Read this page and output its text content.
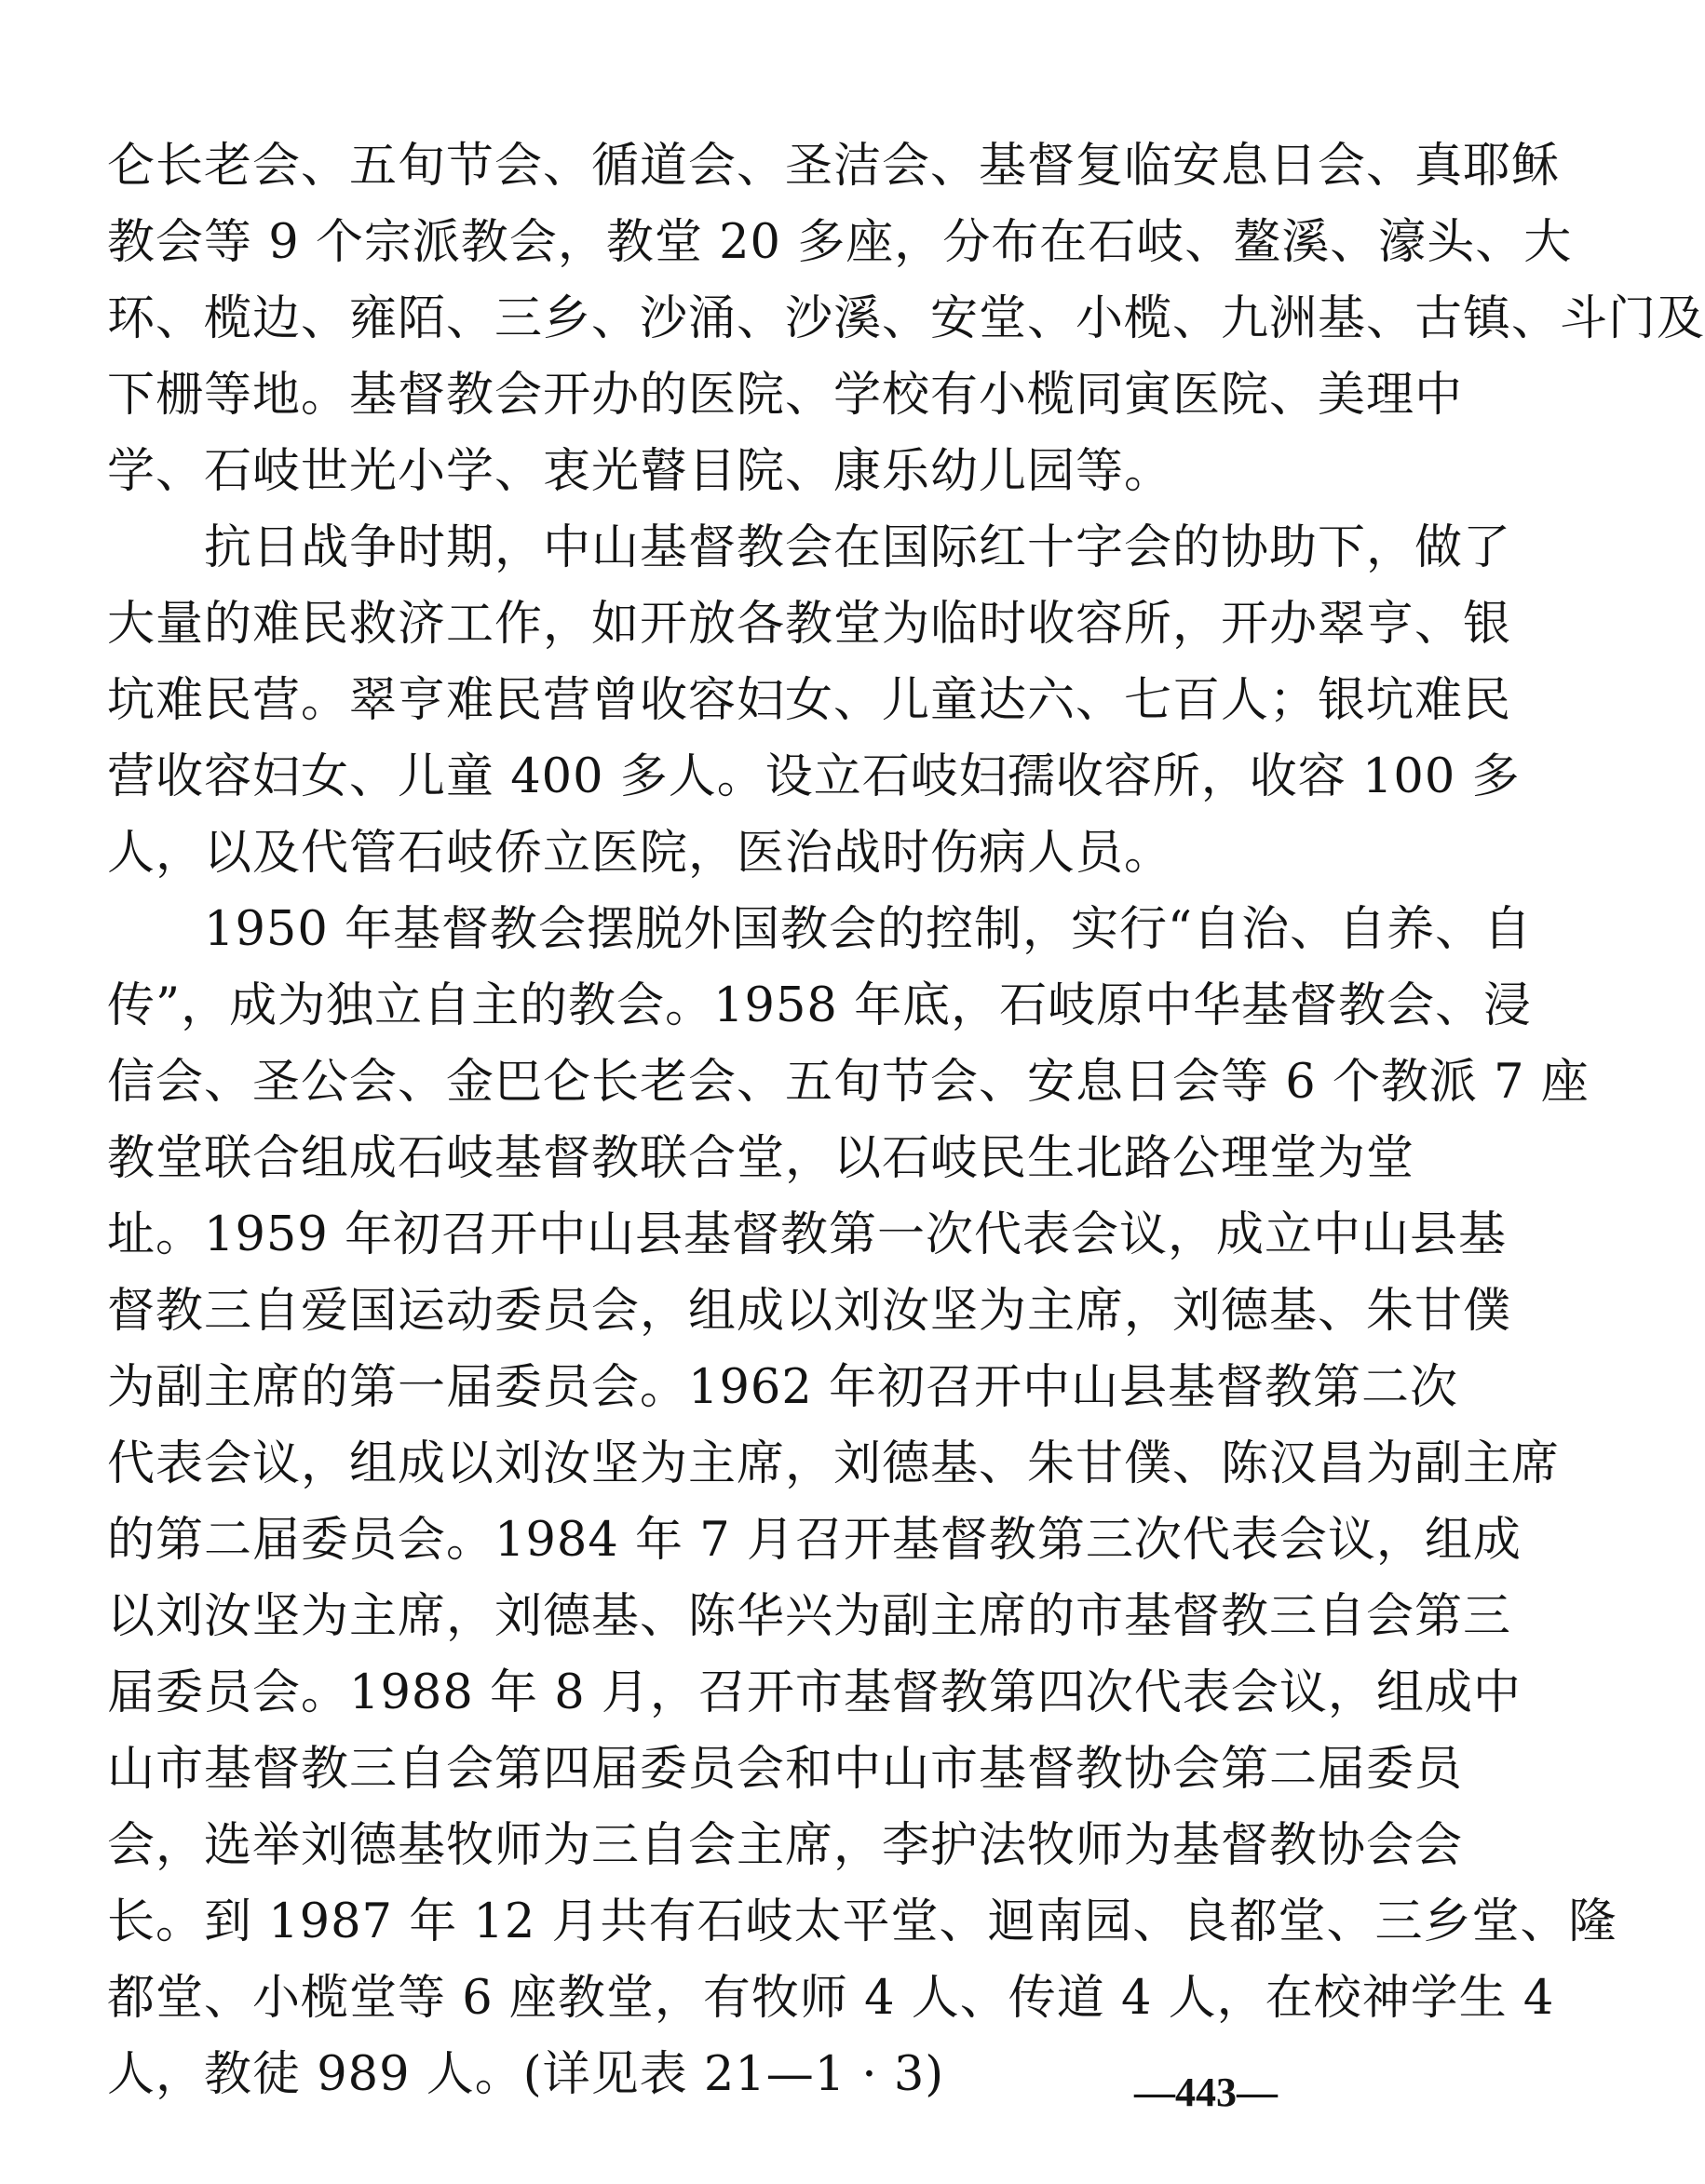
仑长老会、五旬节会、循道会、圣洁会、基督复临安息日会、真耶稣
教会等 9 个宗派教会，教堂 20 多座，分布在石岐、鳌溪、濠头、大
环、榄边、雍陌、三乡、沙涌、沙溪、安堂、小榄、九洲基、古镇、斗门及
下栅等地。基督教会开办的医院、学校有小榄同寅医院、美理中
学、石岐世光小学、衷光瞽目院、康乐幼儿园等。
　　抗日战争时期，中山基督教会在国际红十字会的协助下，做了
大量的难民救济工作，如开放各教堂为临时收容所，开办翠亨、银
坑难民营。翠亨难民营曾收容妇女、儿童达六、七百人；银坑难民
营收容妇女、儿童 400 多人。设立石岐妇孺收容所，收容 100 多
人，以及代管石岐侨立医院，医治战时伤病人员。
　　1950 年基督教会摆脱外国教会的控制，实行“自治、自养、自
传”，成为独立自主的教会。1958 年底，石岐原中华基督教会、浸
信会、圣公会、金巴仑长老会、五旬节会、安息日会等 6 个教派 7 座
教堂联合组成石岐基督教联合堂，以石岐民生北路公理堂为堂
址。1959 年初召开中山县基督教第一次代表会议，成立中山县基
督教三自爱国运动委员会，组成以刘汝坚为主席，刘德基、朱甘僕
为副主席的第一届委员会。1962 年初召开中山县基督教第二次
代表会议，组成以刘汝坚为主席，刘德基、朱甘僕、陈汉昌为副主席
的第二届委员会。1984 年 7 月召开基督教第三次代表会议，组成
以刘汝坚为主席，刘德基、陈华兴为副主席的市基督教三自会第三
届委员会。1988 年 8 月，召开市基督教第四次代表会议，组成中
山市基督教三自会第四届委员会和中山市基督教协会第二届委员
会，选举刘德基牧师为三自会主席，李护法牧师为基督教协会会
长。到 1987 年 12 月共有石岐太平堂、迴南园、良都堂、三乡堂、隆
都堂、小榄堂等 6 座教堂，有牧师 4 人、传道 4 人，在校神学生 4
人，教徒 989 人。(详见表 21—1 · 3)	—443—
